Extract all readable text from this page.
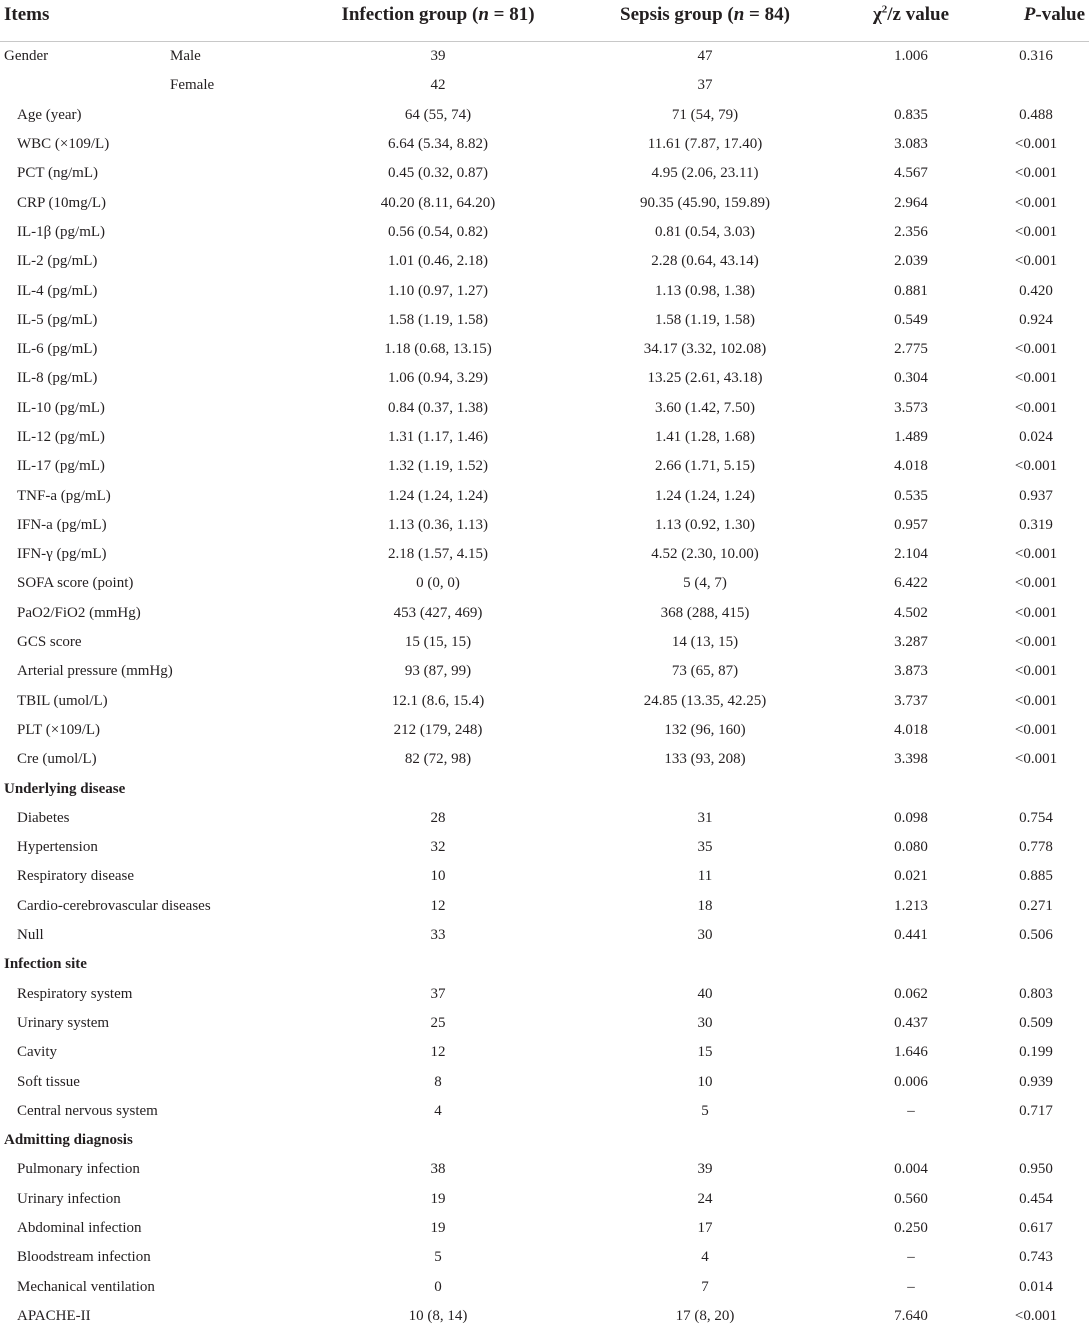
Items	Infection group (n = 81)	Sepsis group (n = 84)	$\chi^2/z$ value	P-value
Gender Male	39	47	1.006	0.316

Female	42	37		
Age (year)	64 (55, 74)	71 (54, 79)	0.835	0.488
WBC (×109/L)	6.64 (5.34, 8.82)	11.61 (7.87, 17.40)	3.083	<0.001
PCT (ng/mL)	0.45 (0.32, 0.87)	4.95 (2.06, 23.11)	4.567	<0.001
CRP (10mg/L)	40.20 (8.11, 64.20)	90.35 (45.90, 159.89)	2.964	<0.001
IL-1β (pg/mL)	0.56 (0.54, 0.82)	0.81 (0.54, 3.03)	2.356	<0.001
IL-2 (pg/mL)	1.01 (0.46, 2.18)	2.28 (0.64, 43.14)	2.039	<0.001
IL-4 (pg/mL)	1.10 (0.97, 1.27)	1.13 (0.98, 1.38)	0.881	0.420
IL-5 (pg/mL)	1.58 (1.19, 1.58)	1.58 (1.19, 1.58)	0.549	0.924
IL-6 (pg/mL)	1.18 (0.68, 13.15)	34.17 (3.32, 102.08)	2.775	<0.001
IL-8 (pg/mL)	1.06 (0.94, 3.29)	13.25 (2.61, 43.18)	0.304	<0.001
IL-10 (pg/mL)	0.84 (0.37, 1.38)	3.60 (1.42, 7.50)	3.573	<0.001
IL-12 (pg/mL)	1.31 (1.17, 1.46)	1.41 (1.28, 1.68)	1.489	0.024
IL-17 (pg/mL)	1.32 (1.19, 1.52)	2.66 (1.71, 5.15)	4.018	<0.001
TNF-a (pg/mL)	1.24 (1.24, 1.24)	1.24 (1.24, 1.24)	0.535	0.937
IFN-a (pg/mL)	1.13 (0.36, 1.13)	1.13 (0.92, 1.30)	0.957	0.319
IFN-γ (pg/mL)	2.18 (1.57, 4.15)	4.52 (2.30, 10.00)	2.104	<0.001
SOFA score (point)	0 (0, 0)	5 (4, 7)	6.422	<0.001
PaO2/FiO2 (mmHg)	453 (427, 469)	368 (288, 415)	4.502	<0.001
GCS score	15 (15, 15)	14 (13, 15)	3.287	<0.001
Arterial pressure (mmHg)	93 (87, 99)	73 (65, 87)	3.873	<0.001
TBIL (umol/L)	12.1 (8.6, 15.4)	24.85 (13.35, 42.25)	3.737	<0.001
PLT (×109/L)	212 (179, 248)	132 (96, 160)	4.018	<0.001
Cre (umol/L)	82 (72, 98)	133 (93, 208)	3.398	<0.001
Underlying disease				
Diabetes	28	31	0.098	0.754
Hypertension	32	35	0.080	0.778
Respiratory disease	10	11	0.021	0.885
Cardio-cerebrovascular diseases	12	18	1.213	0.271
Null	33	30	0.441	0.506
Infection site				
Respiratory system	37	40	0.062	0.803
Urinary system	25	30	0.437	0.509
Cavity	12	15	1.646	0.199
Soft tissue	8	10	0.006	0.939
Central nervous system	4	5	–	0.717
Admitting diagnosis				
Pulmonary infection	38	39	0.004	0.950
Urinary infection	19	24	0.560	0.454
Abdominal infection	19	17	0.250	0.617
Bloodstream infection	5	4	–	0.743
Mechanical ventilation	0	7	–	0.014
APACHE-II	10 (8, 14)	17 (8, 20)	7.640	<0.001
